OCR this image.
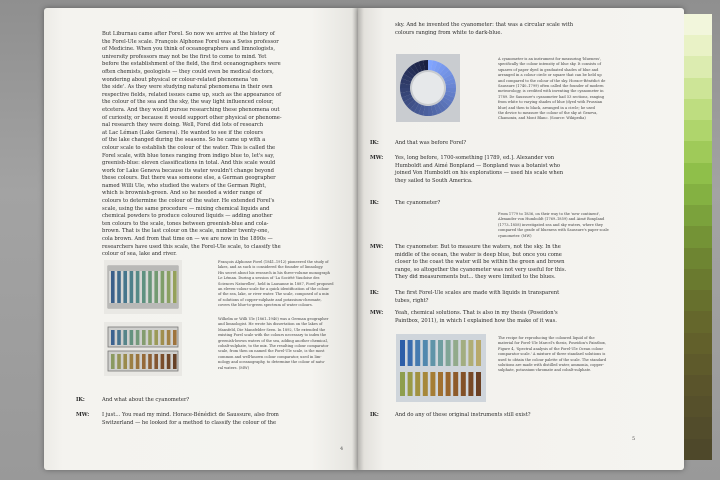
But Liburnau came after Forel. So now we arrive at the history of
the Forel-Ule scale. François Alphonse Forel was a Swiss professor
of Medicine. When you think of oceanographers and limnologists,
university professors may not be the first to come to mind. Yet
before the establishment of the field, the first oceanographers were
often chemists, geologists — they could even be medical doctors,
wondering about physical or colour-related phenomena 'on
the side'. As they were studying natural phenomena in their own
respective fields, related issues came up, such as the appearance of
the colour of the sea and the sky, the way light influenced colour,
etcetera. And they would pursue researching these phenomena out
of curiosity, or because it would support other physical or phenome-
nal research they were doing. Well, Forel did lots of research
at Lac Léman (Lake Geneva). He wanted to see if the colours
of the lake changed during the seasons. So he came up with a
colour scale to establish the colour of the water. This is called the
Forel scale, with blue tones ranging from indigo blue to, let's say,
greenish-blue: eleven classifications in total. And this scale would
work for Lake Geneva because its water wouldn't change beyond
these colours. But there was someone else, a German geographer
named Willi Ule, who studied the waters of the German Right,
which is brownish-green. And so he needed a wider range of
colours to determine the colour of the water. He extended Forel's
scale, using the same procedure — mixing chemical liquids and
chemical powders to produce coloured liquids — adding another
ten colours to the scale, tones between greenish-blue and cola-
brown. That is the last colour on the scale, number twenty-one,
cola brown. And from that time on — we are now in the 1890s —
researchers have used this scale, the Forel-Ule scale, to classify the
colour of sea, lake and river.
François Alphonse Forel (1841–1912) pioneered the study of
lakes, and as such is considered the founder of limnology.
His secret about his research in his three-volume monograph
Le Léman. During a session of 'La Société Vaudoise des
Sciences Naturelles', held in Lausanne in 1887, Forel proposed
an eleven-colour scale for a quick identification of the colour
of the sea, lake, or river water. The scale, composed of a mix
of solutions of copper-sulphate and potassium-chromate,
covers the blue-to-green spectrum of water colours.
Wilhelm or Willi Ule (1861–1940) was a German geographer
and limnologist. He wrote his dissertation on the lakes of
Mansfeld, Die Mansfelder Seen. In 1892, Ule extended the
existing Forel scale with the colours necessary to index the
greenish-brown waters of the sea, adding another chemical,
cobalt-sulphate, to the mix. The resulting colour comparator
scale, from then on named the Forel-Ule scale, is the most
common and well-known colour comparator, used in lim-
nology and oceanography, to determine the colour of natu-
ral waters. (MW)
IK:	And what about the cyanometer?
MW: I just... You read my mind. Horace-Bénédict de Saussure, also from
Switzerland — he looked for a method to classify the colour of the
4
sky. And he invented the cyanometer: that was a circular scale with
colours ranging from white to dark-blue.
A cyanometer is an instrument for measuring 'blueness',
specifically the colour intensity of blue sky. It consists of
squares of paper dyed in graduated shades of blue and
arranged in a colour circle or square that can be held up
and compared to the colour of the sky. Horace-Bénédict de
Saussure (1740–1799) often called the founder of modern
meteorology, is credited with inventing the cyanometer in
1789. De Saussure's cyanometer had 53 sections, ranging
from white to varying shades of blue (dyed with Prussian
blue) and then to black, arranged in a circle; he used
the device to measure the colour of the sky at Geneva,
Chamonix, and Mont Blanc. (Source: Wikipedia)
IK:	And that was before Forel?
MW: Yes, long before, 1700-something [1789, ed.]. Alexander von
Humboldt and Aimé Bonpland — Bonpland was a botanist who
joined Von Humboldt on his explorations — used his scale when
they sailed to South America.
IK:	The cyanometer?
MW: The cyanometer. But to measure the waters, not the sky. In the
middle of the ocean, the water is deep blue, but once you come
closer to the coast the water will be within the green and brown
range, so altogether the cyanometer was not very useful for this.
They did measurements but... they were limited to the blues.
IK:	The first Forel-Ule scales are made with liquids in transparent
tubes, right?
MW: Yeah, chemical solutions. That is also in my thesis (Poseidon's
Paintbox, 2011), in which I explained how the make of it was.
IK:	And do any of these original instruments still exist?
From 1779 to 1836, on their way to the 'new continent',
Alexander von Humboldt (1769–1859) and Aimé Bonpland
(1773–1858) investigated sea and sky waters, where they
compared the grade of blueness with Saussure's paper scale
cyanometer. (MW)
The recipe for reproducing the coloured liquid of the
material for Forel-Ule Marcel's thesis, Poseidon's Paintbox,
Figure 4, 'Spectral analysis of the Forel-Ule Ocean colour
comparator scale.' A mixture of three standard solutions is
used to obtain the colour palette of the scale. The standard
solutions are made with distilled water, ammonia, copper-
sulphate, potassium-chromate and cobalt-sulphate.
5
